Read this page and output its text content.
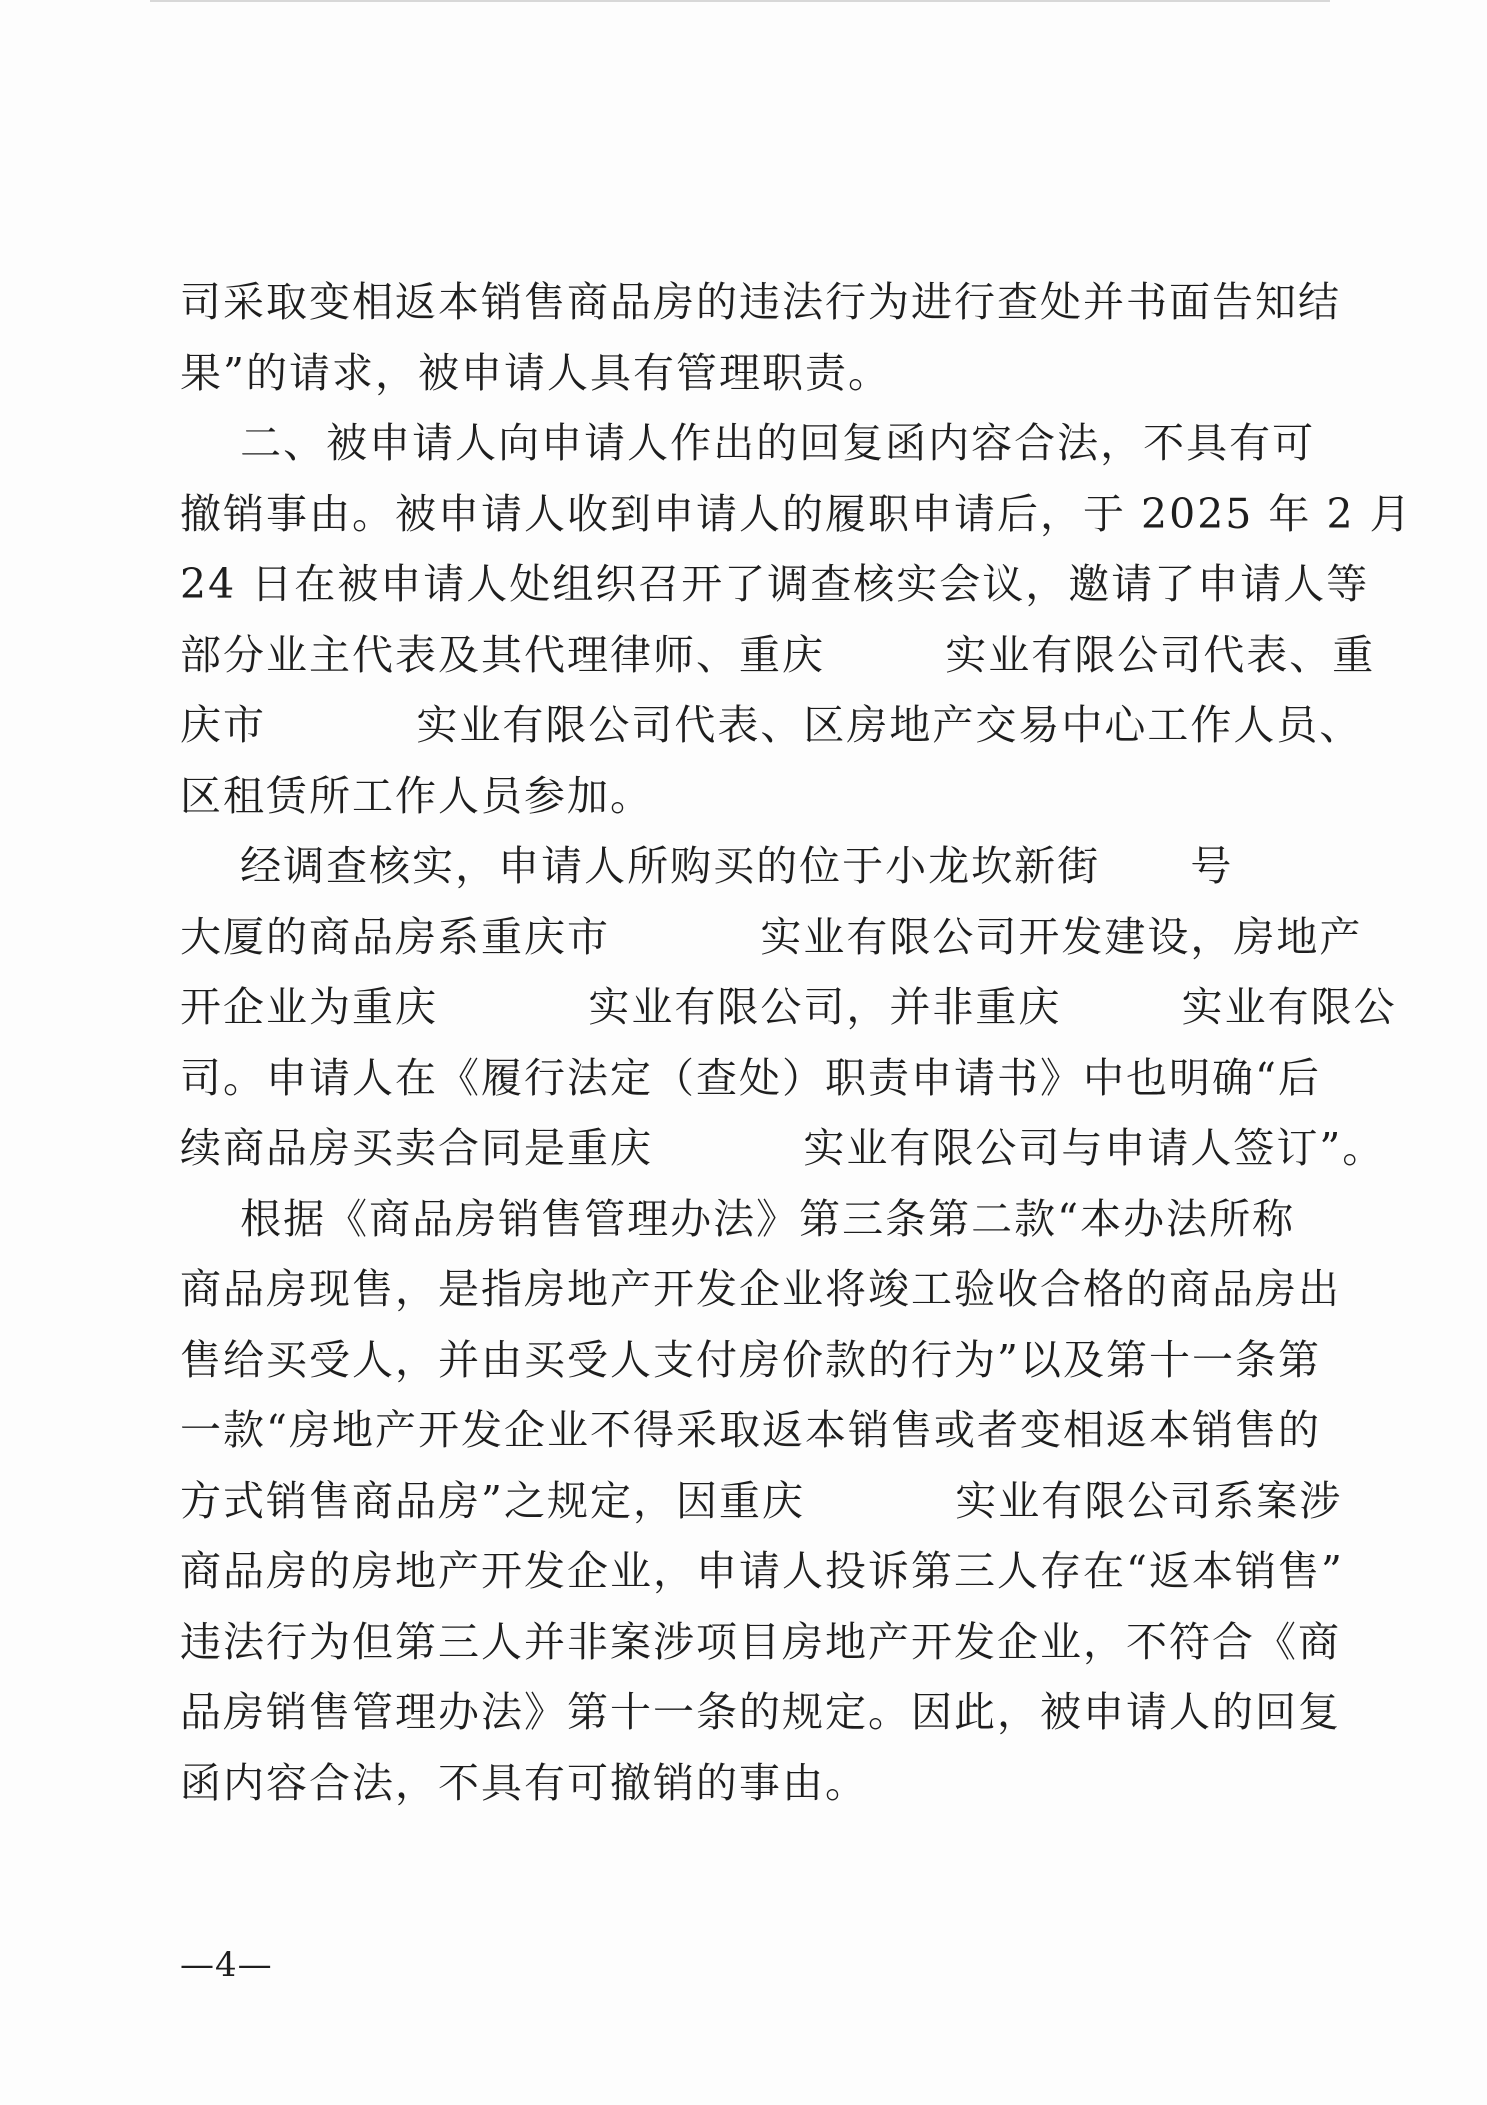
司采取变相返本销售商品房的违法行为进行查处并书面告知结
果”的请求，被申请人具有管理职责。
二、被申请人向申请人作出的回复函内容合法，不具有可
撤销事由。被申请人收到申请人的履职申请后，于 2025 年 2 月
24 日在被申请人处组织召开了调查核实会议，邀请了申请人等
部分业主代表及其代理律师、重庆        实业有限公司代表、重
庆市          实业有限公司代表、区房地产交易中心工作人员、
区租赁所工作人员参加。
经调查核实，申请人所购买的位于小龙坎新街      号
大厦的商品房系重庆市          实业有限公司开发建设，房地产
开企业为重庆          实业有限公司，并非重庆        实业有限公
司。申请人在《履行法定（查处）职责申请书》中也明确“后
续商品房买卖合同是重庆          实业有限公司与申请人签订”。
根据《商品房销售管理办法》第三条第二款“本办法所称
商品房现售，是指房地产开发企业将竣工验收合格的商品房出
售给买受人，并由买受人支付房价款的行为”以及第十一条第
一款“房地产开发企业不得采取返本销售或者变相返本销售的
方式销售商品房”之规定，因重庆          实业有限公司系案涉
商品房的房地产开发企业，申请人投诉第三人存在“返本销售”
违法行为但第三人并非案涉项目房地产开发企业，不符合《商
品房销售管理办法》第十一条的规定。因此，被申请人的回复
函内容合法，不具有可撤销的事由。
—4—
